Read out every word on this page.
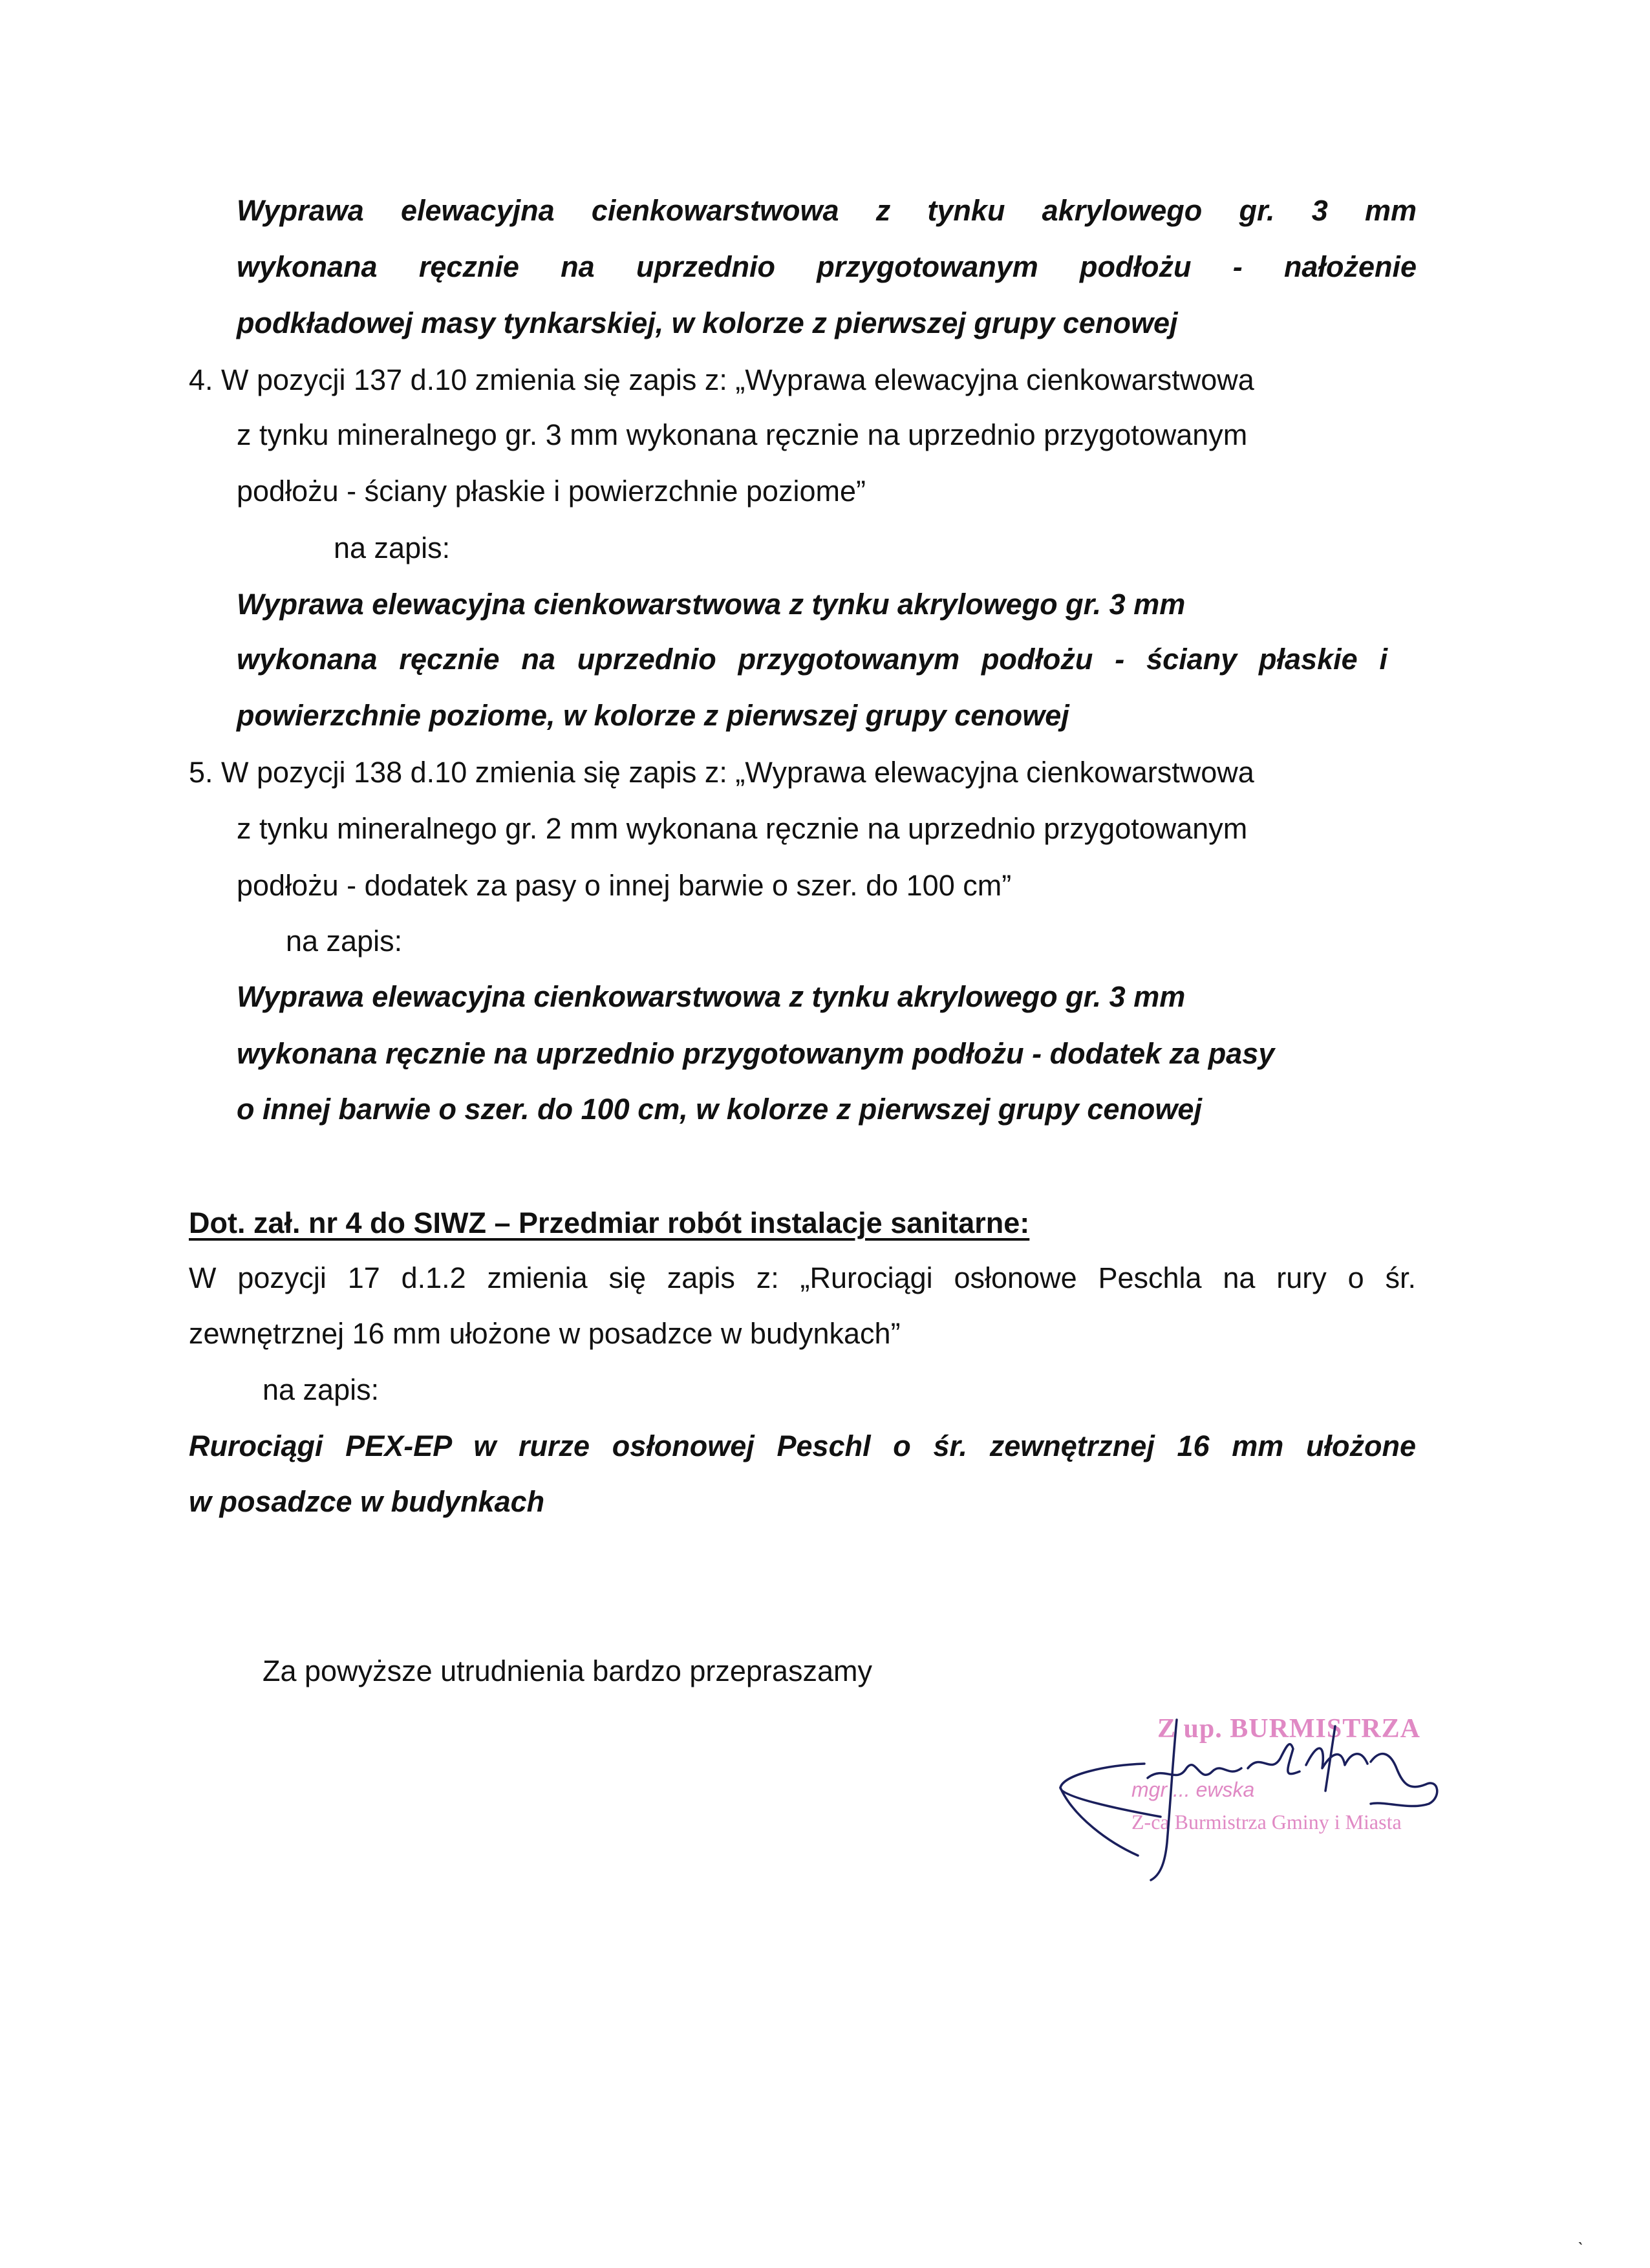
Wyprawa elewacyjna cienkowarstwowa z tynku akrylowego gr. 3 mm
wykonana ręcznie na uprzednio przygotowanym podłożu - nałożenie
podkładowej masy tynkarskiej, w kolorze z pierwszej grupy cenowej
4. W pozycji 137 d.10 zmienia się zapis z: „Wyprawa elewacyjna cienkowarstwowa
z tynku mineralnego gr. 3 mm wykonana ręcznie na uprzednio przygotowanym
podłożu - ściany płaskie i powierzchnie poziome”
na zapis:
Wyprawa elewacyjna cienkowarstwowa z tynku akrylowego gr. 3 mm
wykonana ręcznie na uprzednio przygotowanym podłożu - ściany płaskie i
powierzchnie poziome, w kolorze z pierwszej grupy cenowej
5. W pozycji 138 d.10 zmienia się zapis z: „Wyprawa elewacyjna cienkowarstwowa
z tynku mineralnego gr. 2 mm wykonana ręcznie na uprzednio przygotowanym
podłożu - dodatek za pasy o innej barwie o szer. do 100 cm”
na zapis:
Wyprawa elewacyjna cienkowarstwowa z tynku akrylowego gr. 3 mm
wykonana ręcznie na uprzednio przygotowanym podłożu - dodatek za pasy
o innej barwie o szer. do 100 cm, w kolorze z pierwszej grupy cenowej
Dot. zał. nr 4 do SIWZ – Przedmiar robót instalacje sanitarne:
W pozycji 17 d.1.2 zmienia się zapis z: „Rurociągi osłonowe Peschla na rury o śr.
zewnętrznej 16 mm ułożone w posadzce w budynkach”
na zapis:
Rurociągi PEX-EP w rurze osłonowej Peschl o śr. zewnętrznej 16 mm ułożone
w posadzce w budynkach
Za powyższe utrudnienia bardzo przepraszamy
Z up. BURMISTRZA
mgr ... ewska
Z-ca Burmistrza Gminy i Miasta
ˎ
